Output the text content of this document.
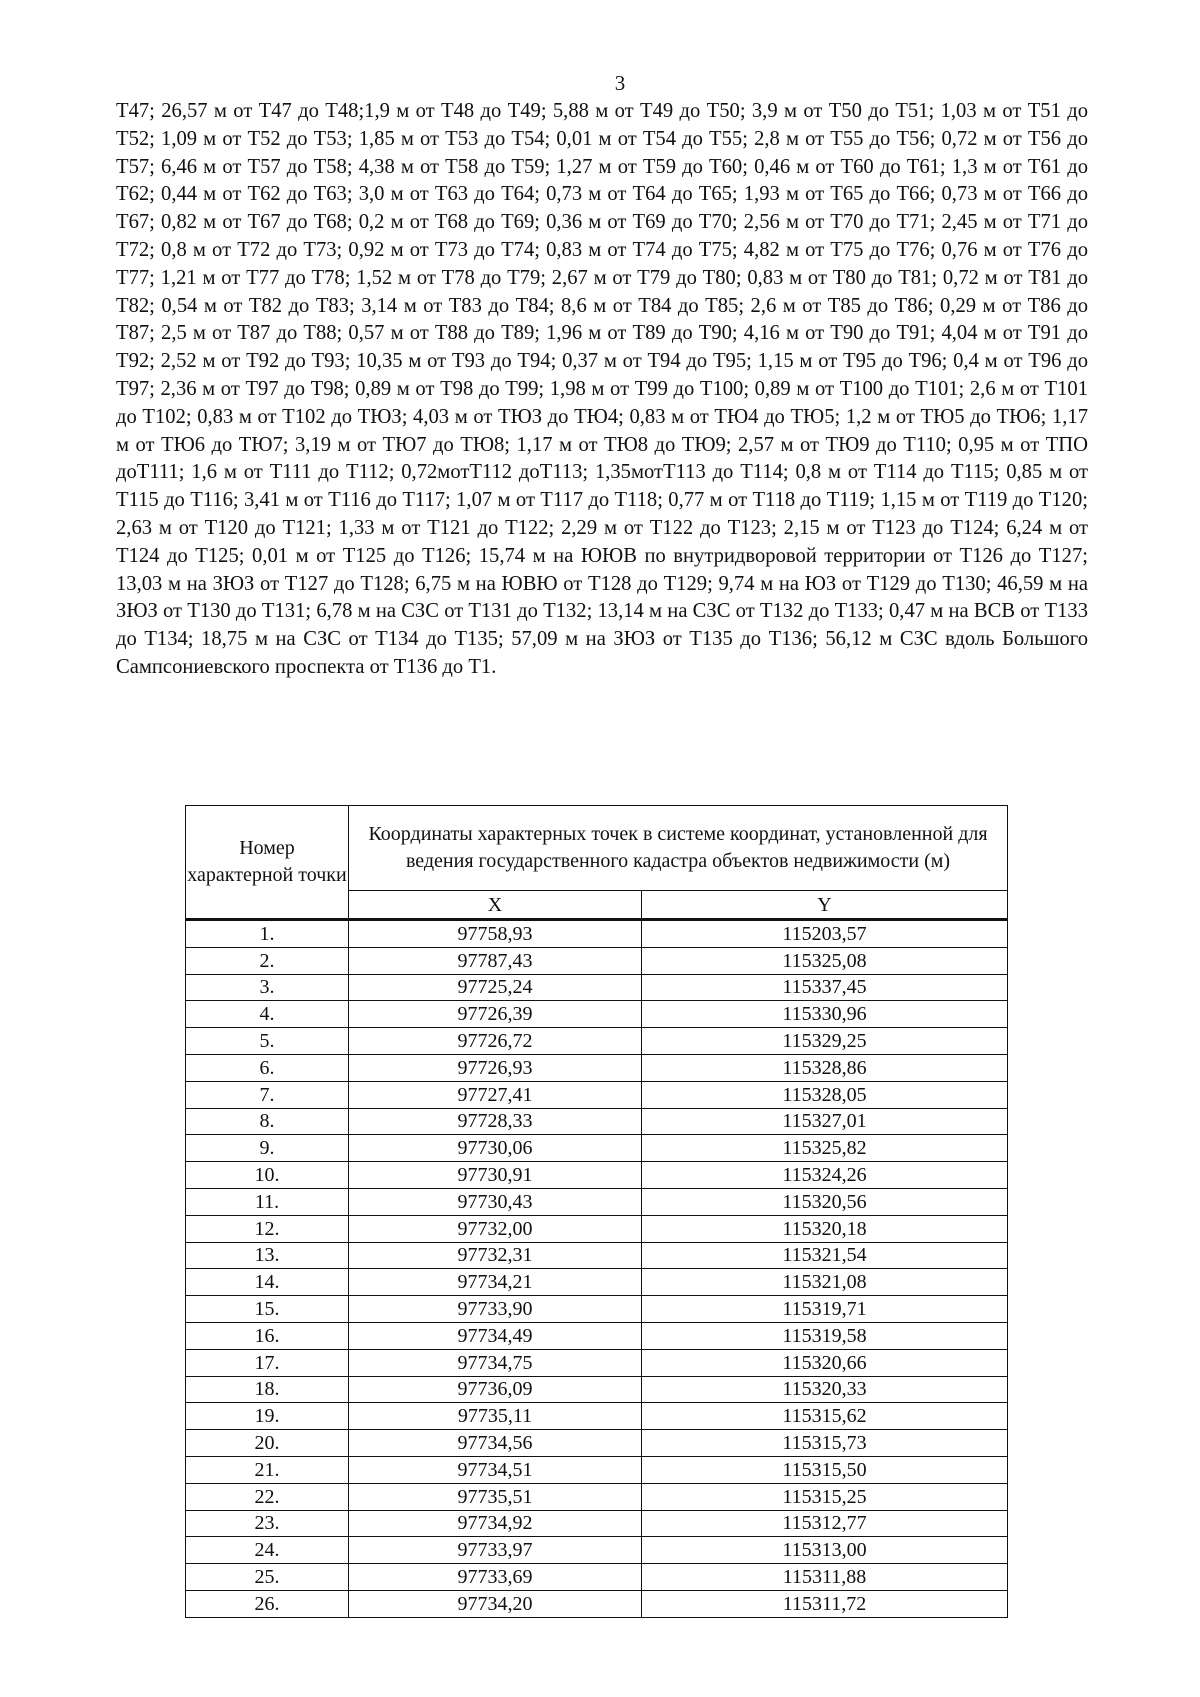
3

Т47; 26,57 м от Т47 до Т48;1,9 м от Т48 до Т49; 5,88 м от Т49 до Т50; 3,9 м от Т50 до Т51; 1,03 м от Т51 до Т52; 1,09 м от Т52 до Т53; 1,85 м от Т53 до Т54; 0,01 м от Т54 до Т55; 2,8 м от Т55 до Т56; 0,72 м от Т56 до Т57; 6,46 м от Т57 до Т58; 4,38 м от Т58 до Т59; 1,27 м от Т59 до Т60; 0,46 м от Т60 до Т61; 1,3 м от Т61 до Т62; 0,44 м от Т62 до Т63; 3,0 м от Т63 до Т64; 0,73 м от Т64 до Т65; 1,93 м от Т65 до Т66; 0,73 м от Т66 до Т67; 0,82 м от Т67 до Т68; 0,2 м от Т68 до Т69; 0,36 м от Т69 до Т70; 2,56 м от Т70 до Т71; 2,45 м от Т71 до Т72; 0,8 м от Т72 до Т73; 0,92 м от Т73 до Т74; 0,83 м от Т74 до Т75; 4,82 м от Т75 до Т76; 0,76 м от Т76 до Т77; 1,21 м от Т77 до Т78; 1,52 м от Т78 до Т79; 2,67 м от Т79 до Т80; 0,83 м от Т80 до Т81; 0,72 м от Т81 до Т82; 0,54 м от Т82 до Т83; 3,14 м от Т83 до Т84; 8,6 м от Т84 до Т85; 2,6 м от Т85 до Т86; 0,29 м от Т86 до Т87; 2,5 м от Т87 до Т88; 0,57 м от Т88 до Т89; 1,96 м от Т89 до Т90; 4,16 м от Т90 до Т91; 4,04 м от Т91 до Т92; 2,52 м от Т92 до Т93; 10,35 м от Т93 до Т94; 0,37 м от Т94 до Т95; 1,15 м от Т95 до Т96; 0,4 м от Т96 до Т97; 2,36 м от Т97 до Т98; 0,89 м от Т98 до Т99; 1,98 м от Т99 до Т100; 0,89 м от Т100 до Т101; 2,6 м от Т101 до Т102; 0,83 м от Т102 до ТЮЗ; 4,03 м от ТЮЗ до ТЮ4; 0,83 м от ТЮ4 до ТЮ5; 1,2 м от ТЮ5 до ТЮ6; 1,17 м от ТЮ6 до ТЮ7; 3,19 м от ТЮ7 до ТЮ8; 1,17 м от ТЮ8 до ТЮ9; 2,57 м от ТЮ9 до Т110; 0,95 м от ТПО доТ111; 1,6 м от Т111 до Т112; 0,72мотТ112 доТ113; 1,35мотТ113 до Т114; 0,8 м от Т114 до Т115; 0,85 м от Т115 до Т116; 3,41 м от Т116 до Т117; 1,07 м от Т117 до Т118; 0,77 м от Т118 до Т119; 1,15 м от Т119 до Т120; 2,63 м от Т120 до Т121; 1,33 м от Т121 до Т122; 2,29 м от Т122 до Т123; 2,15 м от Т123 до Т124; 6,24 м от Т124 до Т125; 0,01 м от Т125 до Т126; 15,74 м на ЮЮВ по внутридворовой территории от Т126 до Т127; 13,03 м на ЗЮЗ от Т127 до Т128; 6,75 м на ЮВЮ от Т128 до Т129; 9,74 м на ЮЗ от Т129 до Т130; 46,59 м на ЗЮЗ от Т130 до Т131; 6,78 м на СЗС от Т131 до Т132; 13,14 м на СЗС от Т132 до Т133; 0,47 м на ВСВ от Т133 до Т134; 18,75 м на СЗС от Т134 до Т135; 57,09 м на ЗЮЗ от Т135 до Т136; 56,12 м СЗС вдоль Большого Сампсониевского проспекта от Т136 до Т1.

Номер характерной точки	Координаты характерных точек в системе координат, установленной для ведения государственного кадастра объектов недвижимости (м)	
	X	Y
1.	97758,93	115203,57
2.	97787,43	115325,08
3.	97725,24	115337,45
4.	97726,39	115330,96
5.	97726,72	115329,25
6.	97726,93	115328,86
7.	97727,41	115328,05
8.	97728,33	115327,01
9.	97730,06	115325,82
10.	97730,91	115324,26
11.	97730,43	115320,56
12.	97732,00	115320,18
13.	97732,31	115321,54
14.	97734,21	115321,08
15.	97733,90	115319,71
16.	97734,49	115319,58
17.	97734,75	115320,66
18.	97736,09	115320,33
19.	97735,11	115315,62
20.	97734,56	115315,73
21.	97734,51	115315,50
22.	97735,51	115315,25
23.	97734,92	115312,77
24.	97733,97	115313,00
25.	97733,69	115311,88
26.	97734,20	115311,72
